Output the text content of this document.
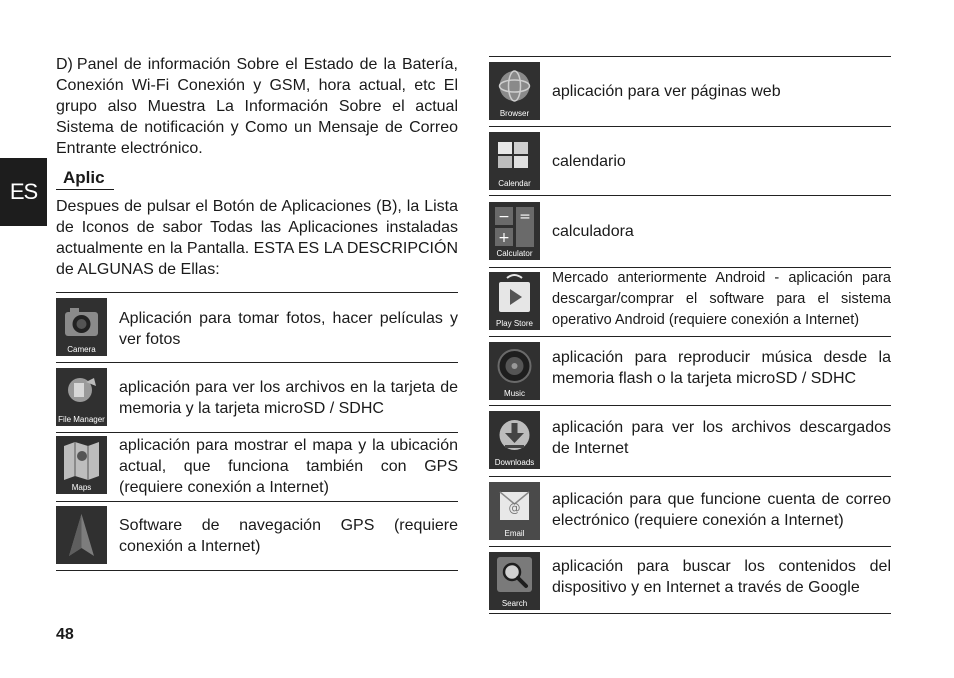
ES
D) Panel de información Sobre el Estado de la Batería, Conexión Wi-Fi Conexión y GSM, hora actual, etc El grupo also Muestra La Información Sobre el actual Sistema de notificación y Como un Mensaje de Correo Entrante electrónico.
Aplic
Despues de pulsar el Botón de Aplicaciones (B), la Lista de Iconos de sabor Todas las Aplicaciones instaladas actualmente en la Pantalla. ESTA ES LA DESCRIPCIÓN de ALGUNAS de Ellas:
Camera
Aplicación para tomar fotos, hacer películas y ver fotos
File Manager
aplicación para ver los archivos en la tarjeta de memoria y la tarjeta microSD / SDHC
Maps
aplicación para mostrar el mapa y la ubicación actual, que funciona también con GPS (requiere conexión a Internet)
Software de navegación GPS (requiere conexión a Internet)
Browser
aplicación para ver páginas web
Calendar
calendario
−
+
=
Calculator
calculadora
Play Store
Mercado anteriormente Android - aplicación para descargar/comprar el software para el sistema operativo Android (requiere conexión a Internet)
Music
aplicación para reproducir música desde la memoria flash o la tarjeta microSD / SDHC
Downloads
aplicación para ver los archivos descargados de Internet
@
Email
aplicación para que funcione cuenta de correo electrónico (requiere conexión a Internet)
Search
aplicación para buscar los contenidos del dispositivo y en Internet a través de Google
48
